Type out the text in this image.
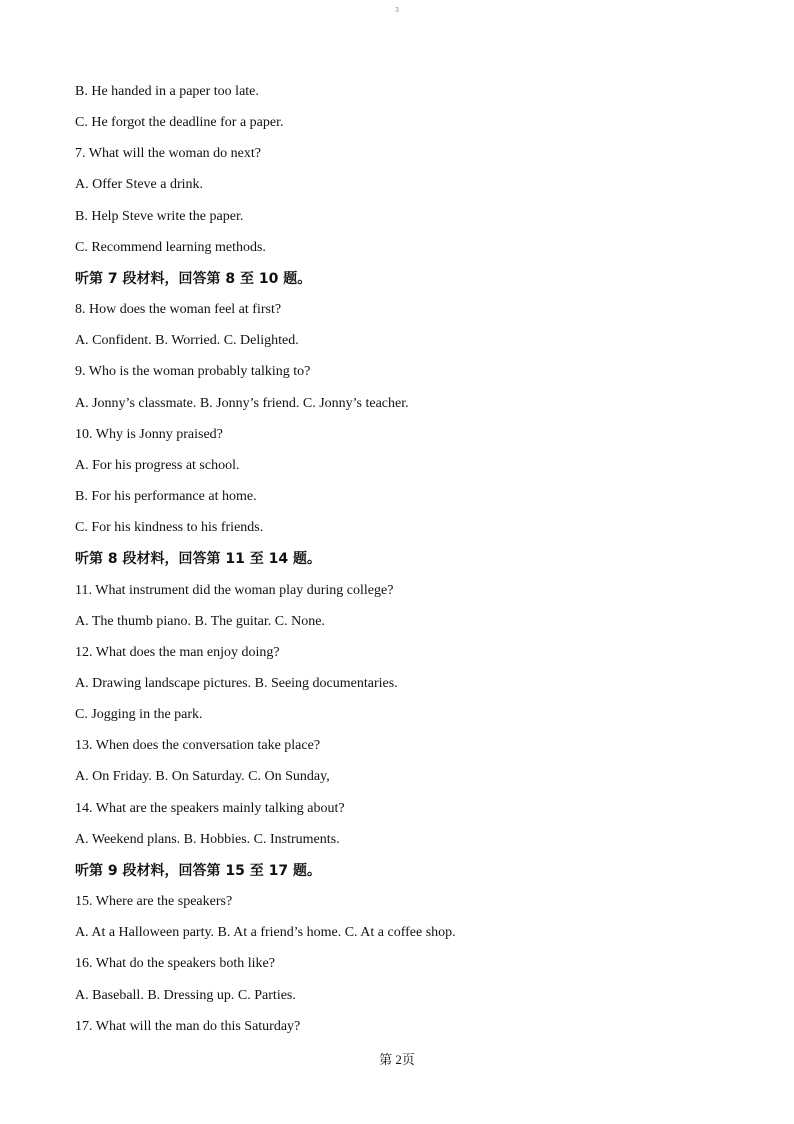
3
B. He handed in a paper too late.
C. He forgot the deadline for a paper.
7. What will the woman do next?
A. Offer Steve a drink.
B. Help Steve write the paper.
C. Recommend learning methods.
听第 7 段材料，回答第 8 至 10 题。
8. How does the woman feel at first?
A. Confident. B. Worried. C. Delighted.
9. Who is the woman probably talking to?
A. Jonny’s classmate. B. Jonny’s friend. C. Jonny’s teacher.
10. Why is Jonny praised?
A. For his progress at school.
B. For his performance at home.
C. For his kindness to his friends.
听第 8 段材料，回答第 11 至 14 题。
11. What instrument did the woman play during college?
A. The thumb piano. B. The guitar. C. None.
12. What does the man enjoy doing?
A. Drawing landscape pictures. B. Seeing documentaries.
C. Jogging in the park.
13. When does the conversation take place?
A. On Friday. B. On Saturday. C. On Sunday,
14. What are the speakers mainly talking about?
A. Weekend plans. B. Hobbies. C. Instruments.
听第 9 段材料，回答第 15 至 17 题。
15. Where are the speakers?
A. At a Halloween party. B. At a friend’s home. C. At a coffee shop.
16. What do the speakers both like?
A. Baseball. B. Dressing up. C. Parties.
17. What will the man do this Saturday?
第 2页
